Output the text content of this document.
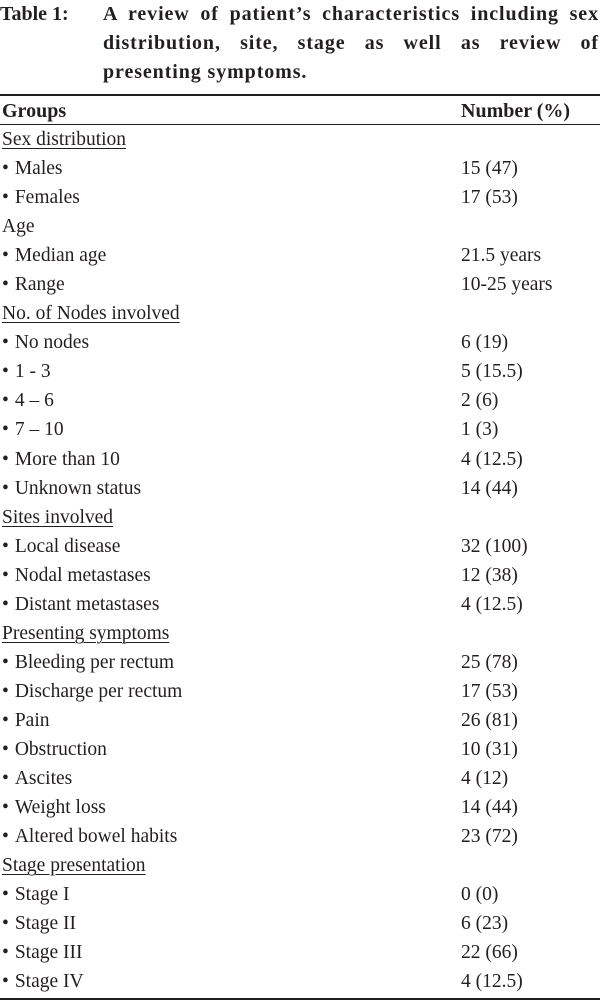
Table 1: A review of patient’s characteristics including sex
distribution, site, stage as well as review of
presenting symptoms.
Groups	Number (%)
Sex distribution
• Males	15 (47)
• Females	17 (53)
Age
• Median age	21.5 years
• Range	10-25 years
No. of Nodes involved
• No nodes	6 (19)
• 1 - 3	5 (15.5)
• 4 – 6	2 (6)
• 7 – 10	1 (3)
• More than 10	4 (12.5)
• Unknown status	14 (44)
Sites involved
• Local disease	32 (100)
• Nodal metastases	12 (38)
• Distant metastases	4 (12.5)
Presenting symptoms
• Bleeding per rectum	25 (78)
• Discharge per rectum	17 (53)
• Pain	26 (81)
• Obstruction	10 (31)
• Ascites	4 (12)
• Weight loss	14 (44)
• Altered bowel habits	23 (72)
Stage presentation
• Stage I	0 (0)
• Stage II	6 (23)
• Stage III	22 (66)
• Stage IV	4 (12.5)
